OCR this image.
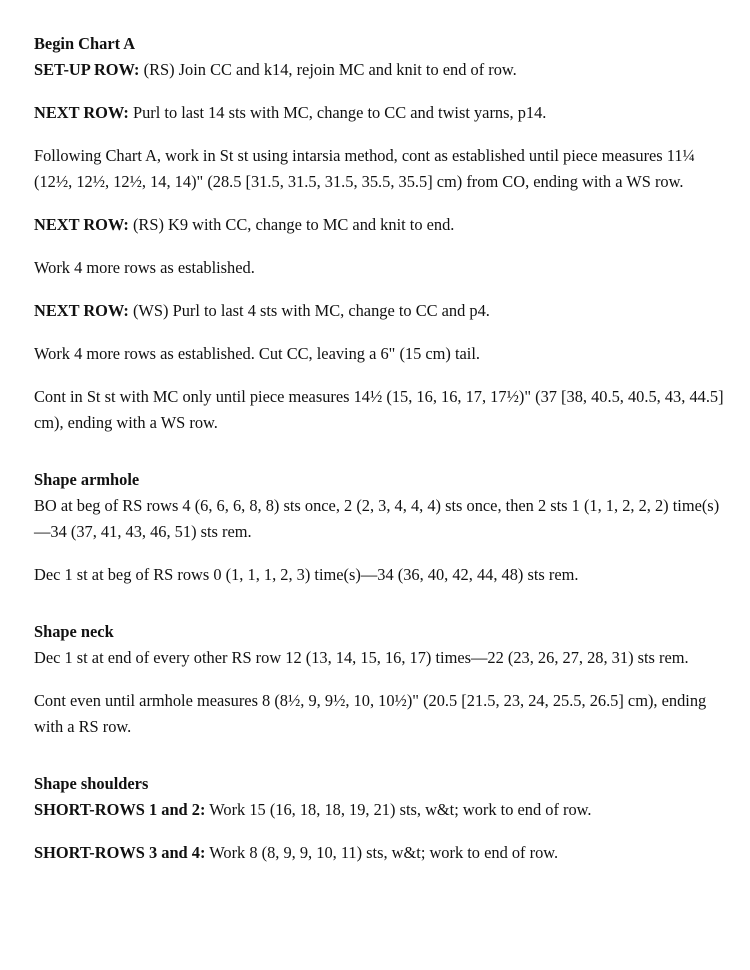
Begin Chart A
SET-UP ROW: (RS) Join CC and k14, rejoin MC and knit to end of row.

NEXT ROW: Purl to last 14 sts with MC, change to CC and twist yarns, p14.

Following Chart A, work in St st using intarsia method, cont as established until piece measures 11¼ (12½, 12½, 12½, 14, 14)" (28.5 [31.5, 31.5, 31.5, 35.5, 35.5] cm) from CO, ending with a WS row.

NEXT ROW: (RS) K9 with CC, change to MC and knit to end.

Work 4 more rows as established.

NEXT ROW: (WS) Purl to last 4 sts with MC, change to CC and p4.

Work 4 more rows as established. Cut CC, leaving a 6" (15 cm) tail.

Cont in St st with MC only until piece measures 14½ (15, 16, 16, 17, 17½)" (37 [38, 40.5, 40.5, 43, 44.5] cm), ending with a WS row.

Shape armhole
BO at beg of RS rows 4 (6, 6, 6, 8, 8) sts once, 2 (2, 3, 4, 4, 4) sts once, then 2 sts 1 (1, 1, 2, 2, 2) time(s)—34 (37, 41, 43, 46, 51) sts rem.

Dec 1 st at beg of RS rows 0 (1, 1, 1, 2, 3) time(s)—34 (36, 40, 42, 44, 48) sts rem.

Shape neck
Dec 1 st at end of every other RS row 12 (13, 14, 15, 16, 17) times—22 (23, 26, 27, 28, 31) sts rem.

Cont even until armhole measures 8 (8½, 9, 9½, 10, 10½)" (20.5 [21.5, 23, 24, 25.5, 26.5] cm), ending with a RS row.

Shape shoulders
SHORT-ROWS 1 and 2: Work 15 (16, 18, 18, 19, 21) sts, w&t; work to end of row.

SHORT-ROWS 3 and 4: Work 8 (8, 9, 9, 10, 11) sts, w&t; work to end of row.
